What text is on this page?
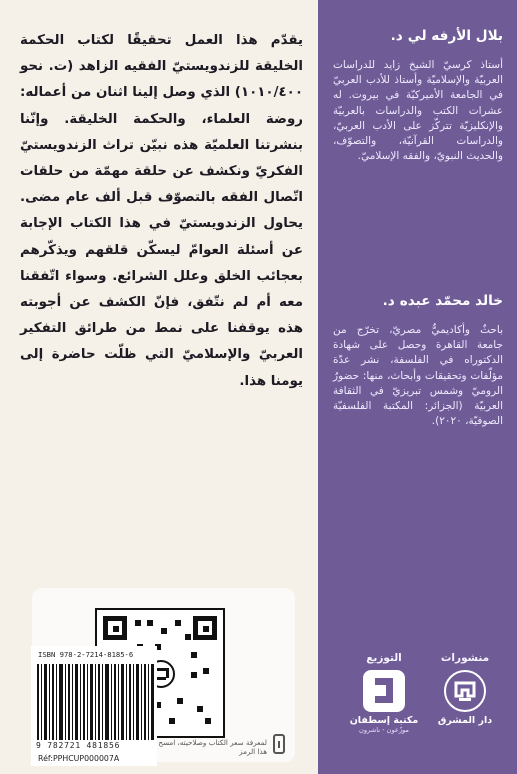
يقدّم هذا العمل تحقيقًا لكتاب الحكمة الخليقة للزندويستيّ الفقيه الزاهد (ت. نحو ١٠١٠/٤٠٠) الذي وصل إلينا اثنان من أعماله: روضة العلماء، والحكمة الخليقة. وإنّنا بنشرتنا العلميّة هذه نبيّن تراث الزندويستيّ الفكريّ ونكشف عن حلقة مهمّة من حلقات اتّصال الفقه بالتصوّف قبل ألف عام مضى. يحاول الزندويستيّ في هذا الكتاب الإجابة عن أسئلة العوامّ ليسكّن قلقهم ويذكّرهم بعجائب الخلق وعلل الشرائع. وسواء اتّفقنا معه أم لم نتّفق، فإنّ الكشف عن أجوبته هذه يوقفنا على نمط من طرائق التفكير العربيّ والإسلاميّ التي ظلّت حاضرة إلى يومنا هذا.

لمعرفة سعر الكتاب وصلاحيته، امسح هذا الرمز
ISBN 978-2-7214-8185-6
9 782721 481856
Réf:PPHCUP000007A
بلال الأرفه لي
د.

أستاذ كرسيّ الشيخ زايد للدراسات العربيّة والإسلاميّة وأستاذ للأدب العربيّ في الجامعة الأميركيّة في بيروت. له عشرات الكتب والدراسات بالعربيّة والإنكليزيّة تتركّز على الأدب العربيّ، والدراسات القرآنيّة، والتصوّف، والحديث النبويّ، والفقه الإسلاميّ.

خالد محمّد عبده
د.

باحثٌ وأكاديميٌّ مصريّ، تخرّج من جامعة القاهرة وحصل على شهادة الدكتوراه في الفلسفة، نشر عدّة مؤلّفات وتحقيقات وأبحاث، منها: حضورُ الروميّ وشمس تبريزيّ في الثقافة العربيّة (الجزائر: المكتبة الفلسفيّة الصوفيّة، ٢٠٢٠).

التوزيع
مكتبة إسطفان
موزّعون - ناشرون
منشورات
دار المشرق
